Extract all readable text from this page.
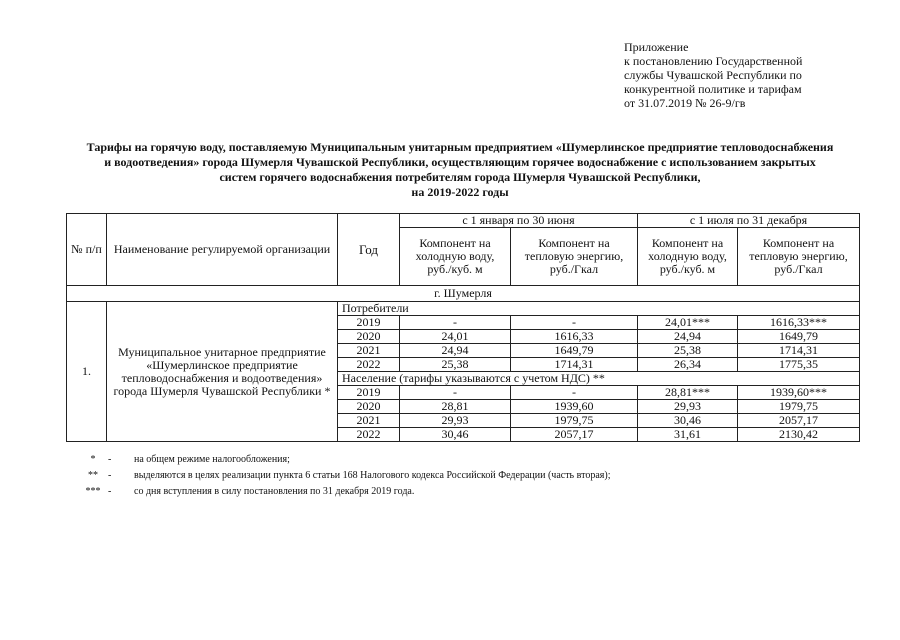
Приложение
к постановлению Государственной
службы Чувашской Республики по
конкурентной политике и тарифам
от 31.07.2019 № 26-9/гв
Тарифы на горячую воду, поставляемую Муниципальным унитарным предприятием «Шумерлинское предприятие тепловодоснабжения
и водоотведения» города Шумерля Чувашской Республики, осуществляющим горячее водоснабжение с использованием закрытых
систем горячего водоснабжения потребителям города Шумерля Чувашской Республики,
на 2019-2022 годы
№ п/п	Наименование регулируемой организации	Год	с 1 января по 30 июня		с 1 июля по 31 декабря	
			Компонент на холодную воду, руб./куб. м	Компонент на тепловую энергию, руб./Гкал	Компонент на холодную воду, руб./куб. м	Компонент на тепловую энергию, руб./Гкал
г. Шумерля						
1.	Муниципальное унитарное предприятие «Шумерлинское предприятие тепловодоснабжения и водоотведения» города Шумерля Чувашской Республики *	Потребители				
		2019	-	-	24,01***	1616,33***
		2020	24,01	1616,33	24,94	1649,79
		2021	24,94	1649,79	25,38	1714,31
		2022	25,38	1714,31	26,34	1775,35
		Население (тарифы указываются с учетом НДС) **				
		2019	-	-	28,81***	1939,60***
		2020	28,81	1939,60	29,93	1979,75
		2021	29,93	1979,75	30,46	2057,17
		2022	30,46	2057,17	31,61	2130,42
*	-	на общем режиме налогообложения;
**	-	выделяются в целях реализации пункта 6 статьи 168 Налогового кодекса Российской Федерации (часть вторая);
*** -	со дня вступления в силу постановления по 31 декабря 2019 года.
